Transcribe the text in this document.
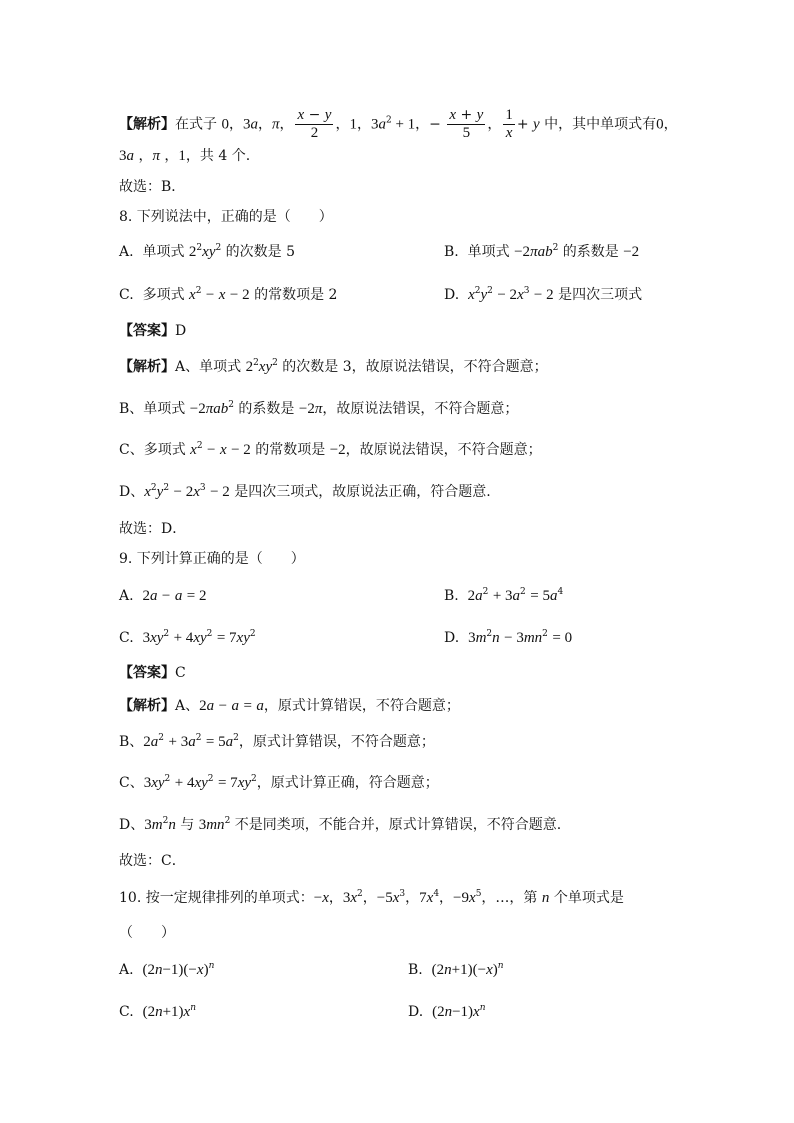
【解析】在式子 0，3a，π， $\frac{x - y}{2}$ ，1，$3a^2 + 1$，− $\frac{x + y}{5}$ ， $\frac{1}{x} + y$ 中，其中单项式有0，
3a ，π ，1，共 4 个.
故选：B．
8. 下列说法中，正确的是（　　）
A.  单项式 $2^2xy^2$ 的次数是 5	B.  单项式 −2πab$^2$ 的系数是 −2
C.  多项式 $x^2 - x - 2$ 的常数项是 2	D.  $x^2y^2 - 2x^3 - 2$ 是四次三项式
【答案】D
【解析】A、单项式 $2^2xy^2$ 的次数是 3，故原说法错误，不符合题意；
B、单项式 −2πab$^2$ 的系数是 −2π，故原说法错误，不符合题意；
C、多项式 $x^2 - x - 2$ 的常数项是 −2，故原说法错误，不符合题意；
D、$x^2y^2 - 2x^3 - 2$ 是四次三项式，故原说法正确，符合题意.
故选：D．
9. 下列计算正确的是（　　）
A.  2a − a = 2	B.  $2a^2 + 3a^2 = 5a^4$
C.  $3xy^2 + 4xy^2 = 7xy^2$	D.  $3m^2n - 3mn^2 = 0$
【答案】C
【解析】A、2a − a = a，原式计算错误，不符合题意；
B、$2a^2 + 3a^2 = 5a^2$，原式计算错误，不符合题意；
C、$3xy^2 + 4xy^2 = 7xy^2$，原式计算正确，符合题意；
D、$3m^2n$ 与 $3mn^2$ 不是同类项，不能合并，原式计算错误，不符合题意.
故选：C．
10. 按一定规律排列的单项式：−x，$3x^2$，$-5x^3$，$7x^4$，$-9x^5$，…，第 n 个单项式是
（　　）
A.  $(2n-1)(-x)^n$	B.  $(2n+1)(-x)^n$
C.  $(2n+1)x^n$	D.  $(2n-1)x^n$
